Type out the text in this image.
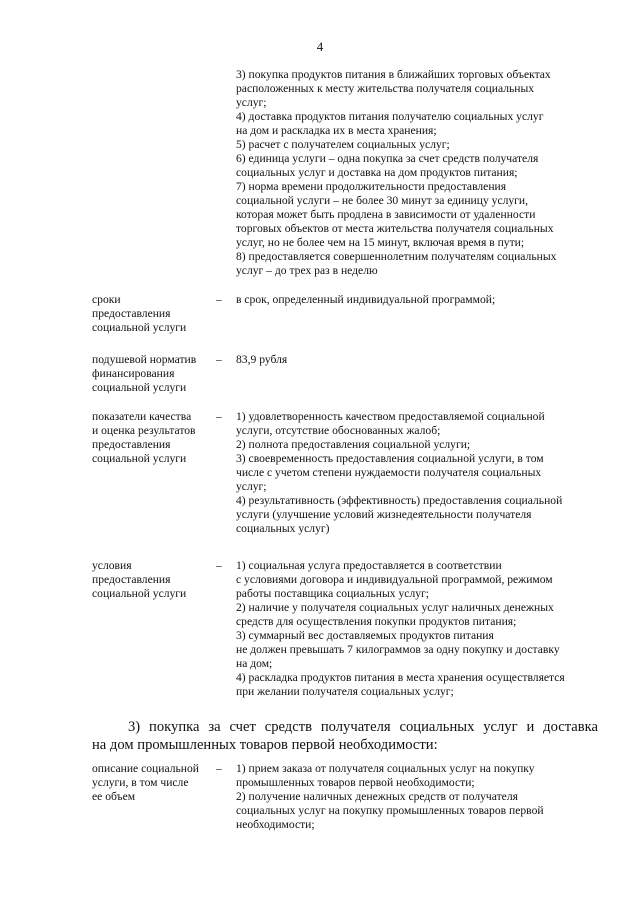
4
3) покупка продуктов питания в ближайших торговых объектах
расположенных к месту жительства получателя социальных
услуг;
4) доставка продуктов питания получателю социальных услуг
на дом и раскладка их в места хранения;
5) расчет с получателем социальных услуг;
6) единица услуги – одна покупка за счет средств получателя
социальных услуг и доставка на дом продуктов питания;
7) норма времени продолжительности предоставления
социальной услуги – не более 30 минут за единицу услуги,
которая может быть продлена в зависимости от удаленности
торговых объектов от места жительства получателя социальных
услуг, но не более чем на 15 минут, включая время в пути;
8) предоставляется совершеннолетним получателям социальных
услуг – до трех раз в неделю
сроки
предоставления
социальной услуги
–	в срок, определенный индивидуальной программой;
подушевой норматив
финансирования
социальной услуги
–	83,9 рубля
показатели качества
и оценка результатов
предоставления
социальной услуги
–	1) удовлетворенность качеством предоставляемой социальной
услуги, отсутствие обоснованных жалоб;
2) полнота предоставления социальной услуги;
3) своевременность предоставления социальной услуги, в том
числе с учетом степени нуждаемости получателя социальных
услуг;
4) результативность (эффективность) предоставления социальной
услуги (улучшение условий жизнедеятельности получателя
социальных услуг)
условия
предоставления
социальной услуги
–	1) социальная услуга предоставляется в соответствии
с условиями договора и индивидуальной программой, режимом
работы поставщика социальных услуг;
2) наличие у получателя социальных услуг наличных денежных
средств для осуществления покупки продуктов питания;
3) суммарный вес доставляемых продуктов питания
не должен превышать 7 килограммов за одну покупку и доставку
на дом;
4) раскладка продуктов питания в места хранения осуществляется
при желании получателя социальных услуг;
3) покупка за счет средств получателя социальных услуг и доставка
на дом промышленных товаров первой необходимости:
описание социальной
услуги, в том числе
ее объем
–	1) прием заказа от получателя социальных услуг на покупку
промышленных товаров первой необходимости;
2) получение наличных денежных средств от получателя
социальных услуг на покупку промышленных товаров первой
необходимости;
